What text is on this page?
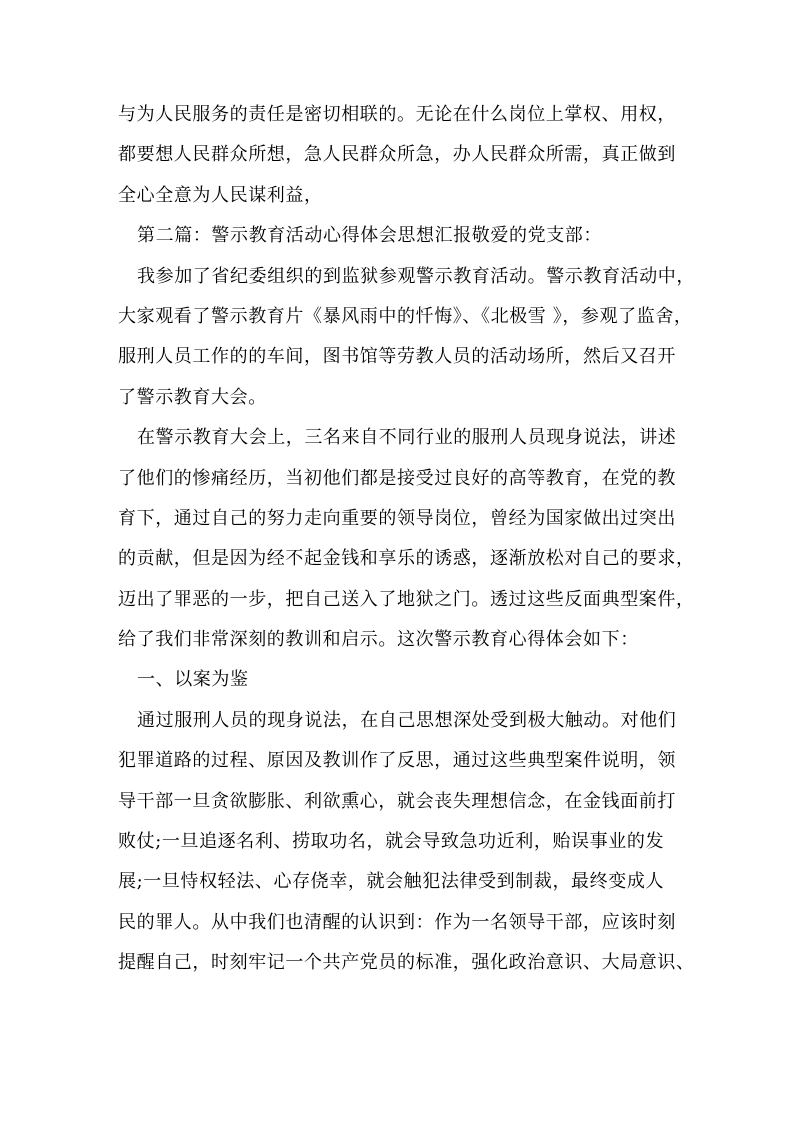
与为人民服务的责任是密切相联的。无论在什么岗位上掌权、用权，
都要想人民群众所想，急人民群众所急，办人民群众所需，真正做到
全心全意为人民谋利益，
第二篇：警示教育活动心得体会思想汇报敬爱的党支部：
我参加了省纪委组织的到监狱参观警示教育活动。警示教育活动中，
大家观看了警示教育片《暴风雨中的忏悔》、《北极雪 》，参观了监舍，
服刑人员工作的的车间，图书馆等劳教人员的活动场所，然后又召开
了警示教育大会。
在警示教育大会上，三名来自不同行业的服刑人员现身说法，讲述
了他们的惨痛经历，当初他们都是接受过良好的高等教育，在党的教
育下，通过自己的努力走向重要的领导岗位，曾经为国家做出过突出
的贡献，但是因为经不起金钱和享乐的诱惑，逐渐放松对自己的要求，
迈出了罪恶的一步，把自己送入了地狱之门。透过这些反面典型案件，
给了我们非常深刻的教训和启示。这次警示教育心得体会如下：
一、以案为鉴
通过服刑人员的现身说法，在自己思想深处受到极大触动。对他们
犯罪道路的过程、原因及教训作了反思，通过这些典型案件说明，领
导干部一旦贪欲膨胀、利欲熏心，就会丧失理想信念，在金钱面前打
败仗;一旦追逐名利、捞取功名，就会导致急功近利，贻误事业的发
展;一旦恃权轻法、心存侥幸，就会触犯法律受到制裁，最终变成人
民的罪人。从中我们也清醒的认识到：作为一名领导干部，应该时刻
提醒自己，时刻牢记一个共产党员的标准，强化政治意识、大局意识、
